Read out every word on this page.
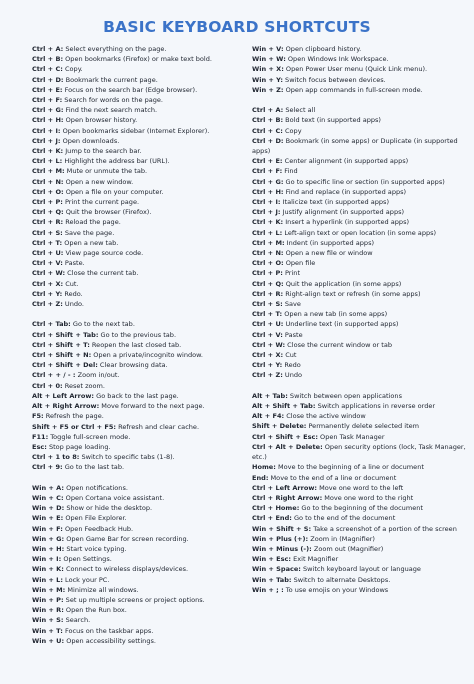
BASIC KEYBOARD SHORTCUTS
Ctrl + A: Select everything on the page.
Ctrl + B: Open bookmarks (Firefox) or make text bold.
Ctrl + C: Copy.
Ctrl + D: Bookmark the current page.
Ctrl + E: Focus on the search bar (Edge browser).
Ctrl + F: Search for words on the page.
Ctrl + G: Find the next search match.
Ctrl + H: Open browser history.
Ctrl + I: Open bookmarks sidebar (Internet Explorer).
Ctrl + J: Open downloads.
Ctrl + K: Jump to the search bar.
Ctrl + L: Highlight the address bar (URL).
Ctrl + M: Mute or unmute the tab.
Ctrl + N: Open a new window.
Ctrl + O: Open a file on your computer.
Ctrl + P: Print the current page.
Ctrl + Q: Quit the browser (Firefox).
Ctrl + R: Reload the page.
Ctrl + S: Save the page.
Ctrl + T: Open a new tab.
Ctrl + U: View page source code.
Ctrl + V: Paste.
Ctrl + W: Close the current tab.
Ctrl + X: Cut.
Ctrl + Y: Redo.
Ctrl + Z: Undo.
Ctrl + Tab: Go to the next tab.
Ctrl + Shift + Tab: Go to the previous tab.
Ctrl + Shift + T: Reopen the last closed tab.
Ctrl + Shift + N: Open a private/incognito window.
Ctrl + Shift + Del: Clear browsing data.
Ctrl + + / - : Zoom in/out.
Ctrl + 0: Reset zoom.
Alt + Left Arrow: Go back to the last page.
Alt + Right Arrow: Move forward to the next page.
F5: Refresh the page.
Shift + F5 or Ctrl + F5: Refresh and clear cache.
F11: Toggle full-screen mode.
Esc: Stop page loading.
Ctrl + 1 to 8: Switch to specific tabs (1-8).
Ctrl + 9: Go to the last tab.
Win + A: Open notifications.
Win + C: Open Cortana voice assistant.
Win + D: Show or hide the desktop.
Win + E: Open File Explorer.
Win + F: Open Feedback Hub.
Win + G: Open Game Bar for screen recording.
Win + H: Start voice typing.
Win + I: Open Settings.
Win + K: Connect to wireless displays/devices.
Win + L: Lock your PC.
Win + M: Minimize all windows.
Win + P: Set up multiple screens or project options.
Win + R: Open the Run box.
Win + S: Search.
Win + T: Focus on the taskbar apps.
Win + U: Open accessibility settings.
Win + V: Open clipboard history.
Win + W: Open Windows Ink Workspace.
Win + X: Open Power User menu (Quick Link menu).
Win + Y: Switch focus between devices.
Win + Z: Open app commands in full-screen mode.
Ctrl + A: Select all
Ctrl + B: Bold text (in supported apps)
Ctrl + C: Copy
Ctrl + D: Bookmark (in some apps) or Duplicate (in supported apps)
Ctrl + E: Center alignment (in supported apps)
Ctrl + F: Find
Ctrl + G: Go to specific line or section (in supported apps)
Ctrl + H: Find and replace (in supported apps)
Ctrl + I: Italicize text (in supported apps)
Ctrl + J: Justify alignment (in supported apps)
Ctrl + K: Insert a hyperlink (in supported apps)
Ctrl + L: Left-align text or open location (in some apps)
Ctrl + M: Indent (in supported apps)
Ctrl + N: Open a new file or window
Ctrl + O: Open file
Ctrl + P: Print
Ctrl + Q: Quit the application (in some apps)
Ctrl + R: Right-align text or refresh (in some apps)
Ctrl + S: Save
Ctrl + T: Open a new tab (in some apps)
Ctrl + U: Underline text (in supported apps)
Ctrl + V: Paste
Ctrl + W: Close the current window or tab
Ctrl + X: Cut
Ctrl + Y: Redo
Ctrl + Z: Undo
Alt + Tab: Switch between open applications
Alt + Shift + Tab: Switch applications in reverse order
Alt + F4: Close the active window
Shift + Delete: Permanently delete selected item
Ctrl + Shift + Esc: Open Task Manager
Ctrl + Alt + Delete: Open security options (lock, Task Manager, etc.)
Home: Move to the beginning of a line or document
End: Move to the end of a line or document
Ctrl + Left Arrow: Move one word to the left
Ctrl + Right Arrow: Move one word to the right
Ctrl + Home: Go to the beginning of the document
Ctrl + End: Go to the end of the document
Win + Shift + S: Take a screenshot of a portion of the screen
Win + Plus (+): Zoom in (Magnifier)
Win + Minus (-): Zoom out (Magnifier)
Win + Esc: Exit Magnifier
Win + Space: Switch keyboard layout or language
Win + Tab: Switch to alternate Desktops.
Win + ; : To use emojis on your Windows
